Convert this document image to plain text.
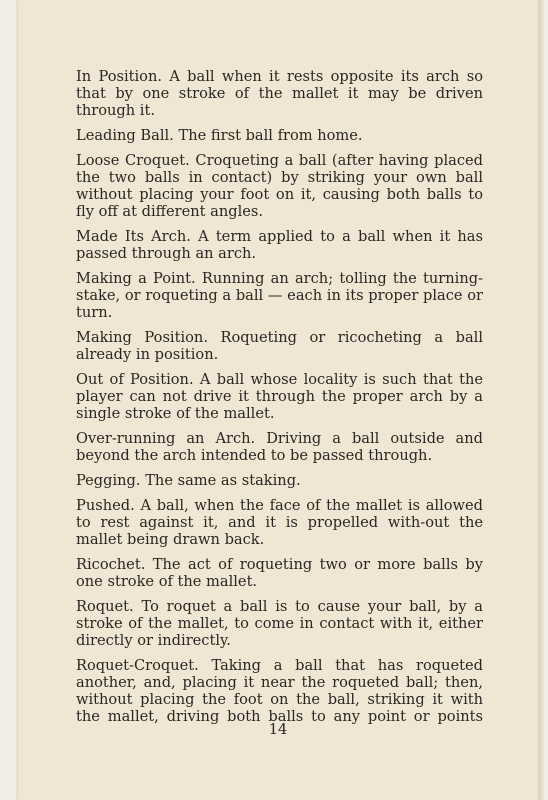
In Position. A ball when it rests opposite its arch so that by one stroke of the mallet it may be driven through it.

Leading Ball. The first ball from home.

Loose Croquet. Croqueting a ball (after having placed the two balls in contact) by striking your own ball without placing your foot on it, causing both balls to fly off at different angles.

Made Its Arch. A term applied to a ball when it has passed through an arch.

Making a Point. Running an arch; tolling the turning-stake, or roqueting a ball — each in its proper place or turn.

Making Position. Roqueting or ricocheting a ball already in position.

Out of Position. A ball whose locality is such that the player can not drive it through the proper arch by a single stroke of the mallet.

Over-running an Arch. Driving a ball outside and beyond the arch intended to be passed through.

Pegging. The same as staking.

Pushed. A ball, when the face of the mallet is allowed to rest against it, and it is propelled with-out the mallet being drawn back.

Ricochet. The act of roqueting two or more balls by one stroke of the mallet.

Roquet. To roquet a ball is to cause your ball, by a stroke of the mallet, to come in contact with it, either directly or indirectly.

Roquet-Croquet. Taking a ball that has roqueted another, and, placing it near the roqueted ball; then, without placing the foot on the ball, striking it with the mallet, driving both balls to any point or points

14
